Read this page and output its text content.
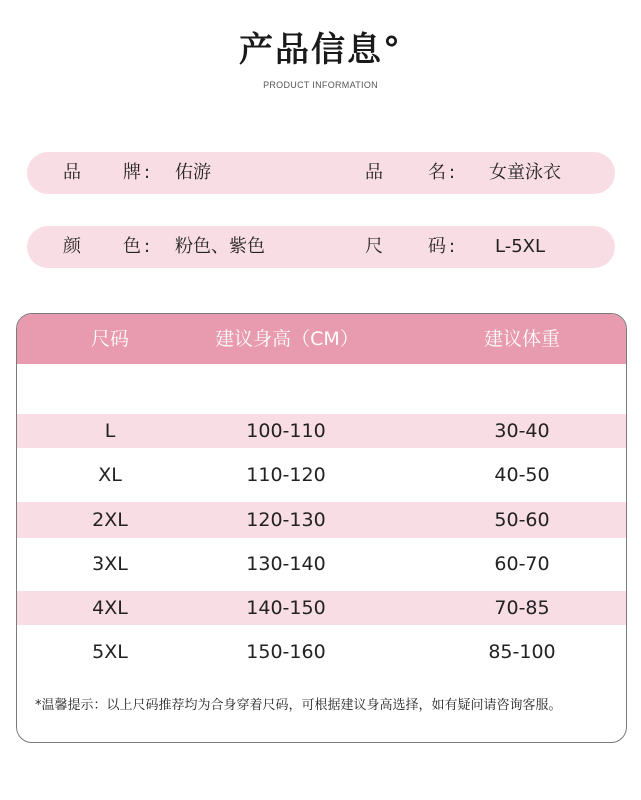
产品信息°
PRODUCT INFORMATION
品 牌 : 佑游	品	名 : 女童泳衣
颜 色 : 粉色、紫色	尺	码 : L-5XL
尺码	建议身高（CM）	建议体重
L	100-110	30-40
XL	110-120	40-50
2XL	120-130	50-60
3XL	130-140	60-70
4XL	140-150	70-85
5XL	150-160	85-100
*温馨提示：以上尺码推荐均为合身穿着尺码，可根据建议身高选择，如有疑问请咨询客服。
